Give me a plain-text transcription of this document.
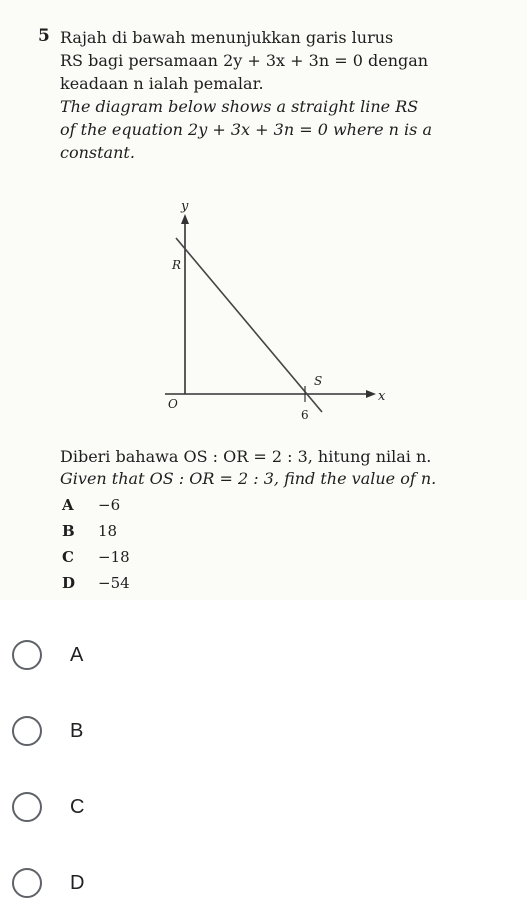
5 Rajah di bawah menunjukkan garis lurus
RS bagi persamaan 2y + 3x + 3n = 0 dengan
keadaan n ialah pemalar.
The diagram below shows a straight line RS
of the equation 2y + 3x + 3n = 0 where n is a
constant.
y
R
O
S
x
6
Diberi bahawa OS : OR = 2 : 3, hitung nilai n.
Given that OS : OR = 2 : 3, find the value of n.
A	−6
B	18
C	−18
D	−54
A
B
C
D
